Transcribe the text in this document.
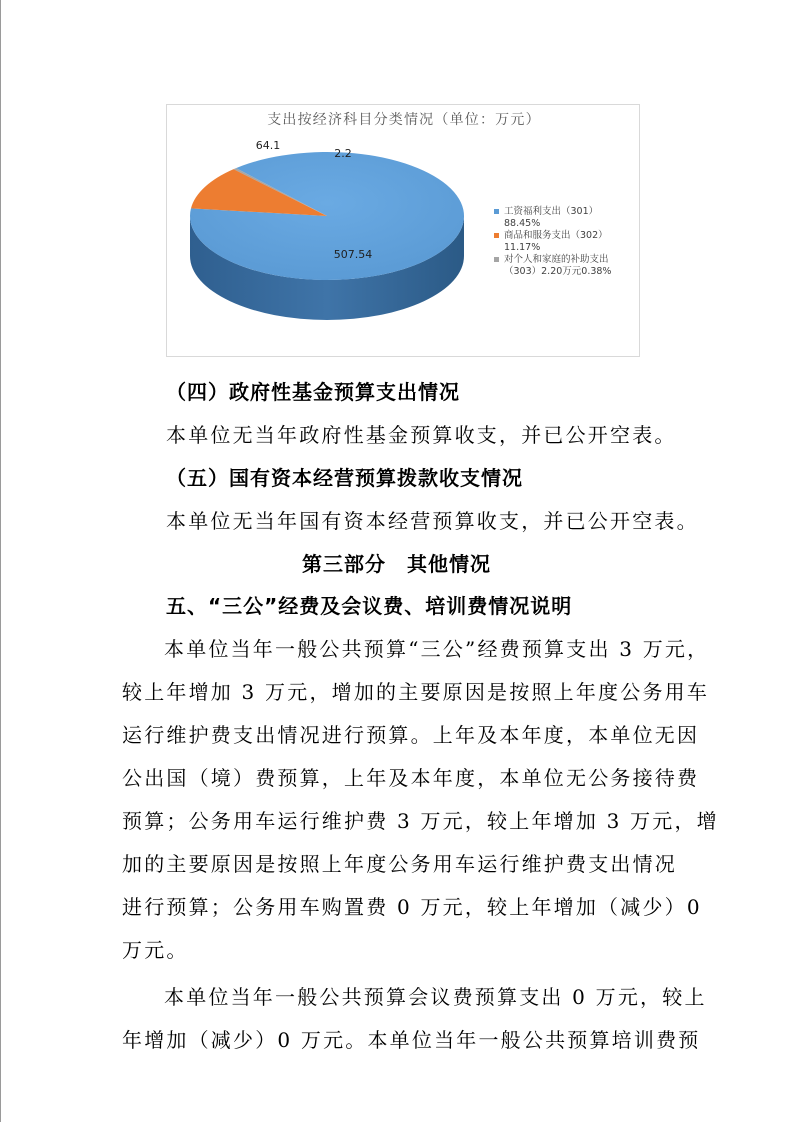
支出按经济科目分类情况（单位：万元）
507.54
64.1
2.2
工资福利支出（301）
88.45%
商品和服务支出（302）
11.17%
对个人和家庭的补助支出
（303）2.20万元0.38%
（四）政府性基金预算支出情况
本单位无当年政府性基金预算收支，并已公开空表。
（五）国有资本经营预算拨款收支情况
本单位无当年国有资本经营预算收支，并已公开空表。
第三部分　其他情况
五、“三公”经费及会议费、培训费情况说明
本单位当年一般公共预算“三公”经费预算支出 3 万元，
较上年增加 3 万元，增加的主要原因是按照上年度公务用车
运行维护费支出情况进行预算。上年及本年度，本单位无因
公出国（境）费预算，上年及本年度，本单位无公务接待费
预算；公务用车运行维护费 3 万元，较上年增加 3 万元，增
加的主要原因是按照上年度公务用车运行维护费支出情况
进行预算；公务用车购置费 0 万元，较上年增加（减少）0
万元。
本单位当年一般公共预算会议费预算支出 0 万元，较上
年增加（减少）0 万元。本单位当年一般公共预算培训费预
